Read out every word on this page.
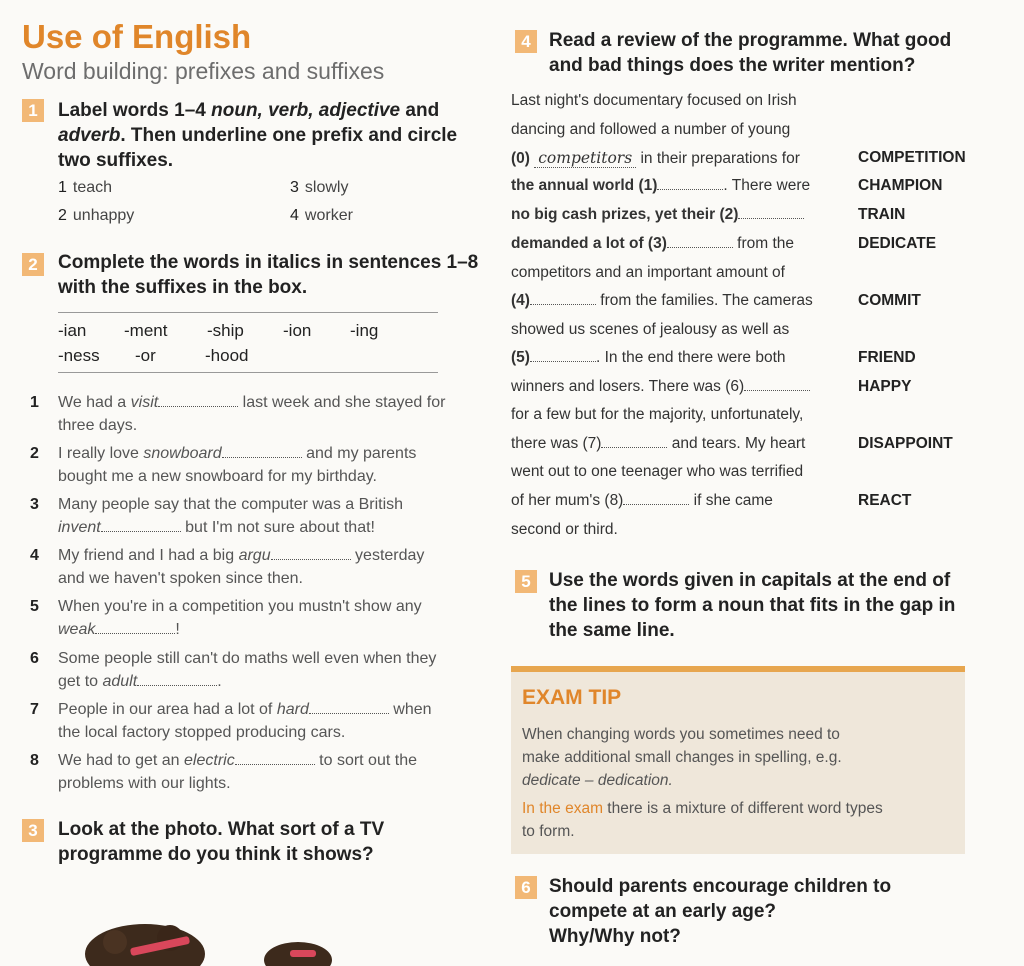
Use of English
Word building: prefixes and suffixes
1	Label words 1–4 noun, verb, adjective and
adverb. Then underline one prefix and circle
two suffixes.
1 teach	3 slowly
2 unhappy	4 worker
2	Complete the words in italics in sentences 1–8
with the suffixes in the box.
-ian -ment -ship -ion -ing
-ness -or	-hood
1 We had a visit	last week and she stayed for
three days.
2 I really love snowboard	and my parents
bought me a new snowboard for my birthday.
3 Many people say that the computer was a British
invent	but I'm not sure about that!
4 My friend and I had a big argu	yesterday
and we haven't spoken since then.
5 When you're in a competition you mustn't show any
weak	!
6 Some people still can't do maths well even when they
get to adult	.
7 People in our area had a lot of hard	when
the local factory stopped producing cars.
8 We had to get an electric	to sort out the
problems with our lights.
3	Look at the photo. What sort of a TV
programme do you think it shows?
4 Read a review of the programme. What good
and bad things does the writer mention?
Last night's documentary focused on Irish
dancing and followed a number of young
(0) competitors in their preparations for	COMPETITION
the annual world (1)	. There were	CHAMPION
no big cash prizes, yet their (2)	TRAIN
demanded a lot of (3)	from the	DEDICATE
competitors and an important amount of
(4)	from the families. The cameras	COMMIT
showed us scenes of jealousy as well as
(5)	. In the end there were both	FRIEND
winners and losers. There was (6)	HAPPY
for a few but for the majority, unfortunately,
there was (7)	and tears. My heart	DISAPPOINT
went out to one teenager who was terrified
of her mum's (8)	if she came	REACT
second or third.
5 Use the words given in capitals at the end of
the lines to form a noun that fits in the gap in
the same line.
EXAM TIP
When changing words you sometimes need to
make additional small changes in spelling, e.g.
dedicate – dedication.
In the exam there is a mixture of different word types
to form.
6 Should parents encourage children to
compete at an early age?
Why/Why not?
